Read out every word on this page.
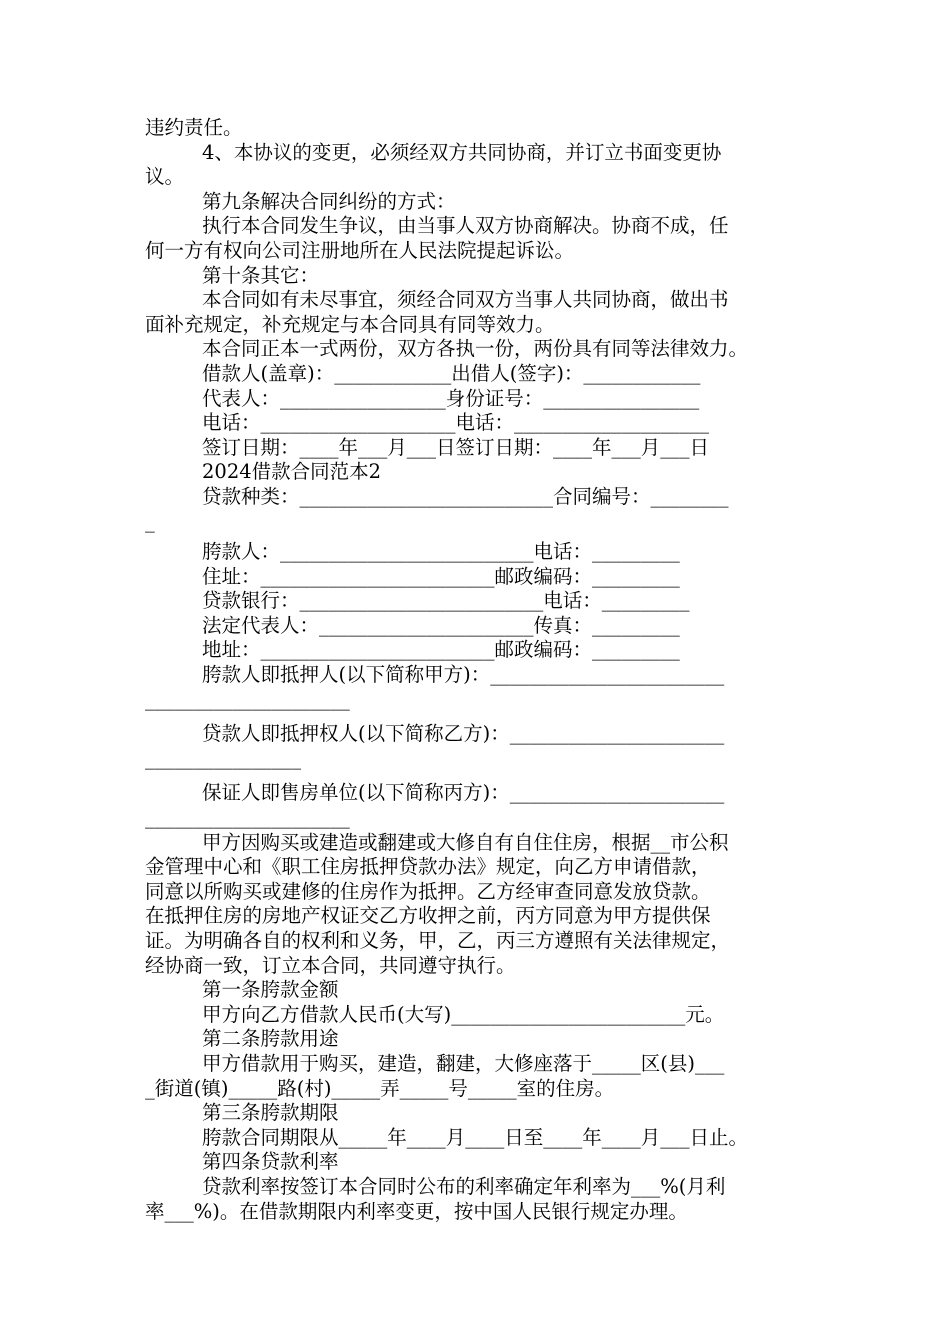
违约责任。
4、本协议的变更，必须经双方共同协商，并订立书面变更协
议。
第九条解决合同纠纷的方式：
执行本合同发生争议，由当事人双方协商解决。协商不成，任
何一方有权向公司注册地所在人民法院提起诉讼。
第十条其它：
本合同如有未尽事宜，须经合同双方当事人共同协商，做出书
面补充规定，补充规定与本合同具有同等效力。
本合同正本一式两份，双方各执一份，两份具有同等法律效力。
借款人(盖章)：____________出借人(签字)：____________
代表人：_________________身份证号：________________
电话：____________________电话：____________________
签订日期：____年___月___日签订日期：____年___月___日
2024借款合同范本2
贷款种类：__________________________合同编号：________
_
胯款人：__________________________电话：_________
住址：________________________邮政编码：_________
贷款银行：_________________________电话：_________
法定代表人：______________________传真：_________
地址：________________________邮政编码：_________
胯款人即抵押人(以下简称甲方)：________________________
_____________________
贷款人即抵押权人(以下简称乙方)：______________________
________________
保证人即售房单位(以下简称丙方)：______________________
_____________________
甲方因购买或建造或翻建或大修自有自住住房，根据__市公积
金管理中心和《职工住房抵押贷款办法》规定，向乙方申请借款，
同意以所购买或建修的住房作为抵押。乙方经审查同意发放贷款。
在抵押住房的房地产权证交乙方收押之前，丙方同意为甲方提供保
证。为明确各自的权利和义务，甲，乙，丙三方遵照有关法律规定，
经协商一致，订立本合同，共同遵守执行。
第一条胯款金额
甲方向乙方借款人民币(大写)________________________元。
第二条胯款用途
甲方借款用于购买，建造，翻建，大修座落于_____区(县)___
_街道(镇)_____路(村)_____弄_____号_____室的住房。
第三条胯款期限
胯款合同期限从_____年____月____日至____年____月___日止。
第四条贷款利率
贷款利率按签订本合同时公布的利率确定年利率为___%(月利
率___%)。在借款期限内利率变更，按中国人民银行规定办理。
